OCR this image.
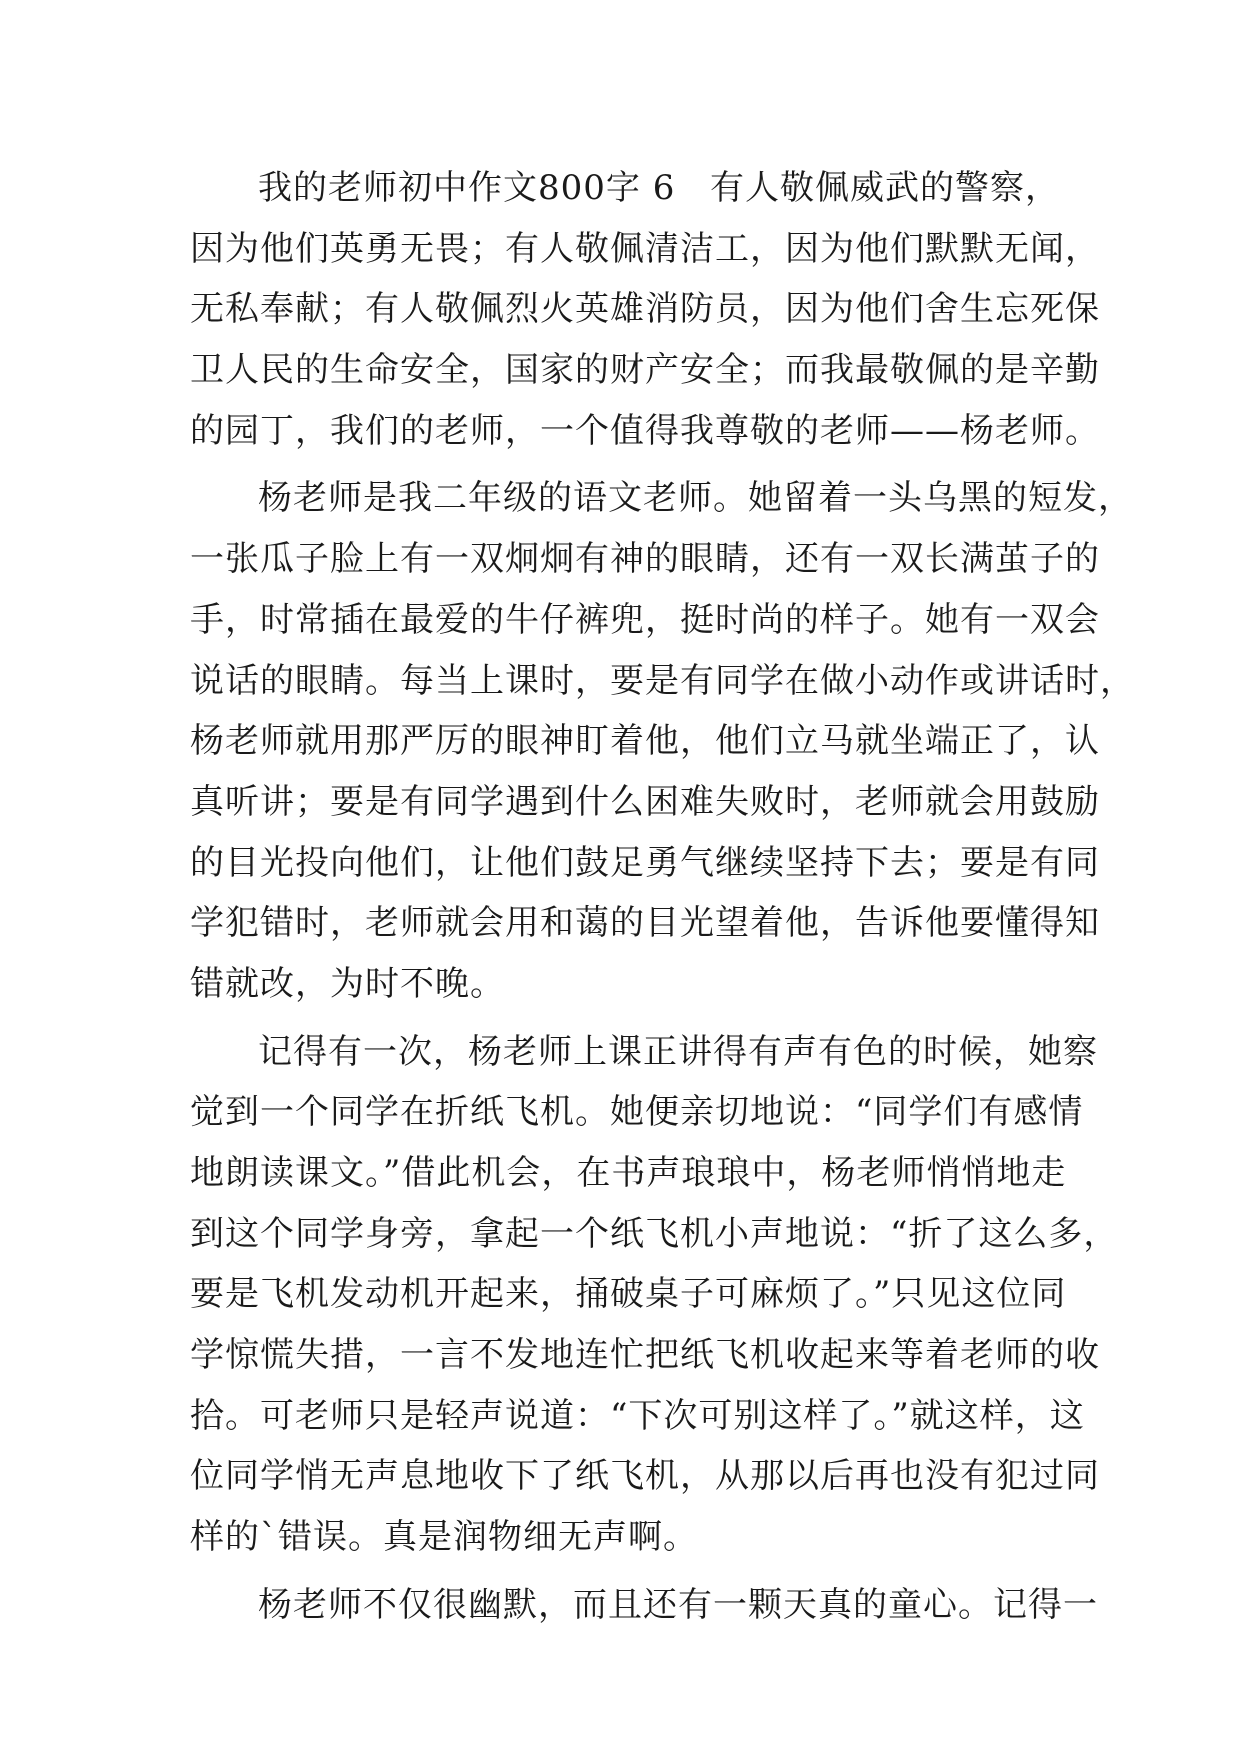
我的老师初中作文800字 6 有人敬佩威武的警察，
因为他们英勇无畏；有人敬佩清洁工，因为他们默默无闻，
无私奉献；有人敬佩烈火英雄消防员，因为他们舍生忘死保
卫人民的生命安全，国家的财产安全；而我最敬佩的是辛勤
的园丁，我们的老师，一个值得我尊敬的老师——杨老师。
杨老师是我二年级的语文老师。她留着一头乌黑的短发，
一张瓜子脸上有一双炯炯有神的眼睛，还有一双长满茧子的
手，时常插在最爱的牛仔裤兜，挺时尚的样子。她有一双会
说话的眼睛。每当上课时，要是有同学在做小动作或讲话时，
杨老师就用那严厉的眼神盯着他，他们立马就坐端正了，认
真听讲；要是有同学遇到什么困难失败时，老师就会用鼓励
的目光投向他们，让他们鼓足勇气继续坚持下去；要是有同
学犯错时，老师就会用和蔼的目光望着他，告诉他要懂得知
错就改，为时不晚。
记得有一次，杨老师上课正讲得有声有色的时候，她察
觉到一个同学在折纸飞机。她便亲切地说：“同学们有感情
地朗读课文。”借此机会，在书声琅琅中，杨老师悄悄地走
到这个同学身旁，拿起一个纸飞机小声地说：“折了这么多，
要是飞机发动机开起来，捅破桌子可麻烦了。”只见这位同
学惊慌失措，一言不发地连忙把纸飞机收起来等着老师的收
拾。可老师只是轻声说道：“下次可别这样了。”就这样，这
位同学悄无声息地收下了纸飞机，从那以后再也没有犯过同
样的`错误。真是润物细无声啊。
杨老师不仅很幽默，而且还有一颗天真的童心。记得一
